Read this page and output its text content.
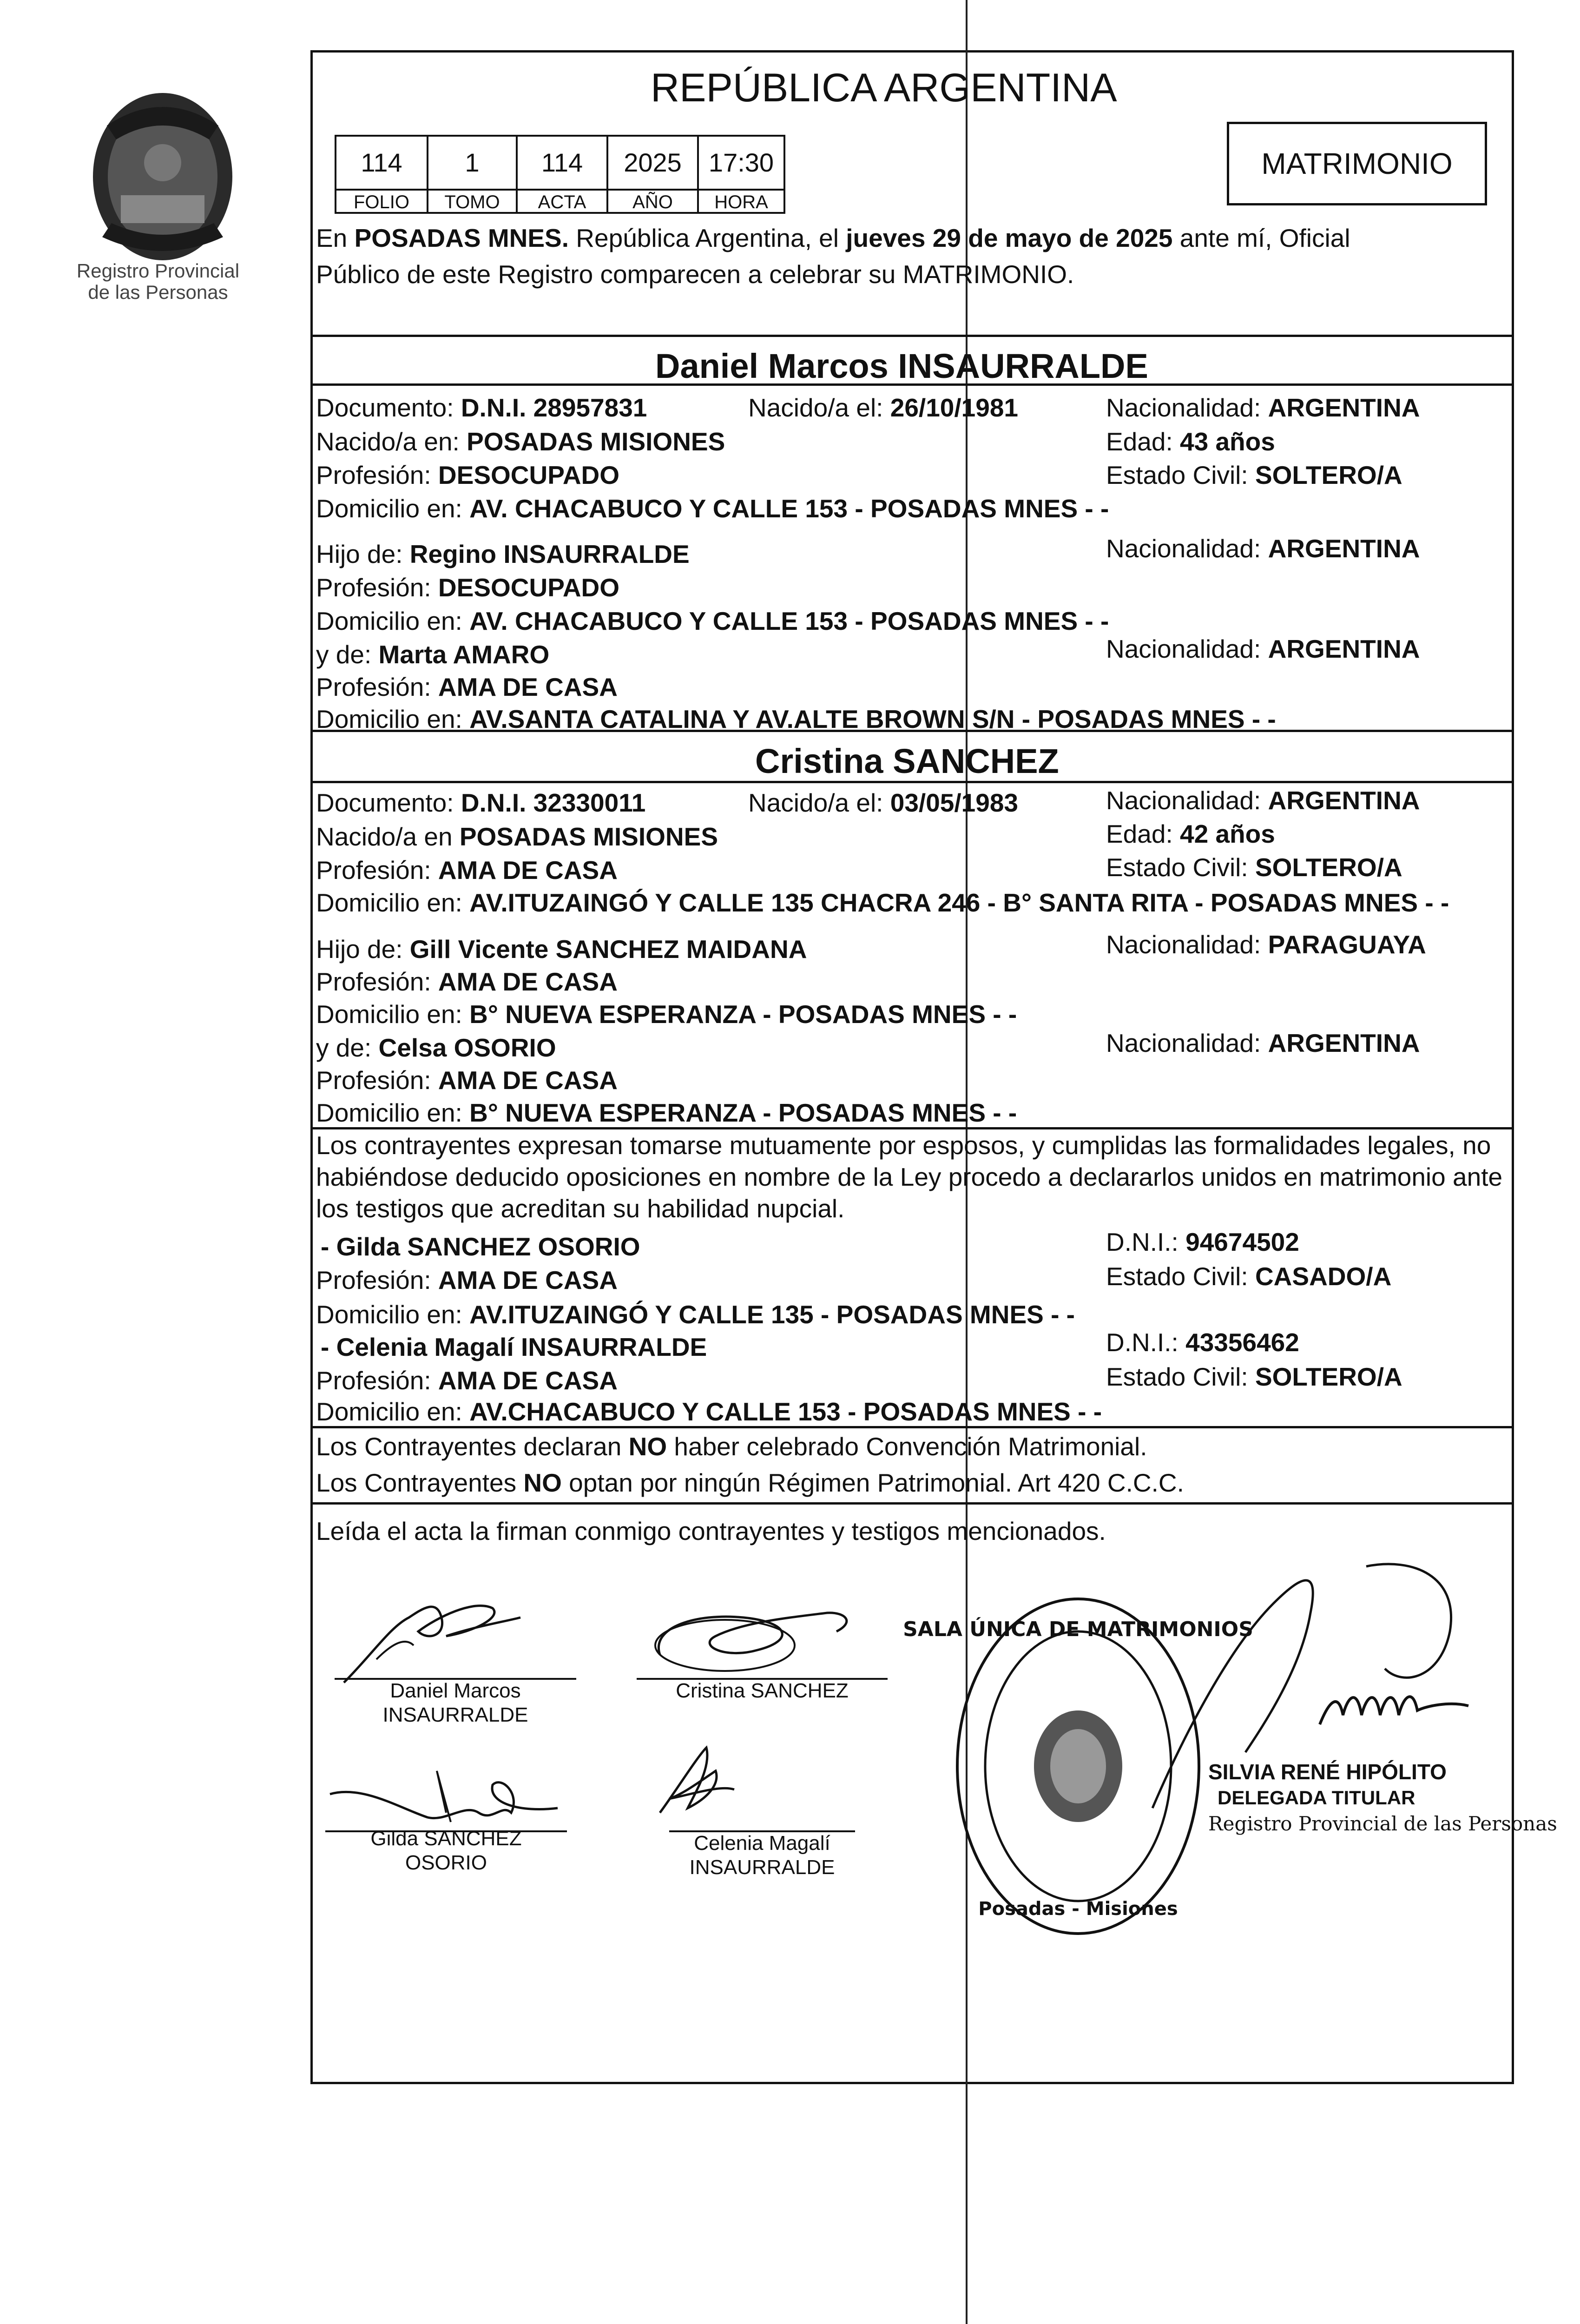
Registro Provincial
de las Personas
REPÚBLICA ARGENTINA
114	1	114	2025	17:30
FOLIO	TOMO	ACTA	AÑO	HORA
MATRIMONIO
En POSADAS MNES. República Argentina, el jueves 29 de mayo de 2025 ante mí, Oficial
Público de este Registro comparecen a celebrar su MATRIMONIO.
Daniel Marcos INSAURRALDE
Documento: D.N.I. 28957831	Nacido/a el: 26/10/1981	Nacionalidad: ARGENTINA
Nacido/a en: POSADAS MISIONES	Edad: 43 años
Profesión: DESOCUPADO	Estado Civil: SOLTERO/A
Domicilio en: AV. CHACABUCO Y CALLE 153 - POSADAS MNES - -
Hijo de: Regino INSAURRALDE	Nacionalidad: ARGENTINA
Profesión: DESOCUPADO
Domicilio en: AV. CHACABUCO Y CALLE 153 - POSADAS MNES - -
y de: Marta AMARO	Nacionalidad: ARGENTINA
Profesión: AMA DE CASA
Domicilio en: AV.SANTA CATALINA Y AV.ALTE BROWN S/N - POSADAS MNES - -
Cristina SANCHEZ
Documento: D.N.I. 32330011	Nacido/a el: 03/05/1983	Nacionalidad: ARGENTINA
Nacido/a en POSADAS MISIONES	Edad: 42 años
Profesión: AMA DE CASA	Estado Civil: SOLTERO/A
Domicilio en: AV.ITUZAINGÓ Y CALLE 135 CHACRA 246 - B° SANTA RITA - POSADAS MNES - -
Hijo de: Gill Vicente SANCHEZ MAIDANA	Nacionalidad: PARAGUAYA
Profesión: AMA DE CASA
Domicilio en: B° NUEVA ESPERANZA - POSADAS MNES - -
y de: Celsa OSORIO	Nacionalidad: ARGENTINA
Profesión: AMA DE CASA
Domicilio en: B° NUEVA ESPERANZA - POSADAS MNES - -
Los contrayentes expresan tomarse mutuamente por esposos, y cumplidas las formalidades legales, no
habiéndose deducido oposiciones en nombre de la Ley procedo a declararlos unidos en matrimonio ante
los testigos que acreditan su habilidad nupcial.
- Gilda SANCHEZ OSORIO	D.N.I.: 94674502
Profesión: AMA DE CASA	Estado Civil: CASADO/A
Domicilio en: AV.ITUZAINGÓ Y CALLE 135 - POSADAS MNES - -
- Celenia Magalí INSAURRALDE	D.N.I.: 43356462
Profesión: AMA DE CASA	Estado Civil: SOLTERO/A
Domicilio en: AV.CHACABUCO Y CALLE 153 - POSADAS MNES - -
Los Contrayentes declaran NO haber celebrado Convención Matrimonial.
Los Contrayentes NO optan por ningún Régimen Patrimonial. Art 420 C.C.C.
Leída el acta la firman conmigo contrayentes y testigos mencionados.
Daniel Marcos
INSAURRALDE
Cristina SANCHEZ
Gilda SANCHEZ OSORIO
Celenia Magalí
INSAURRALDE
SALA ÚNICA DE MATRIMONIOS
Posadas - Misiones
SILVIA RENÉ HIPÓLITO
DELEGADA TITULAR
Registro Provincial de las Personas
